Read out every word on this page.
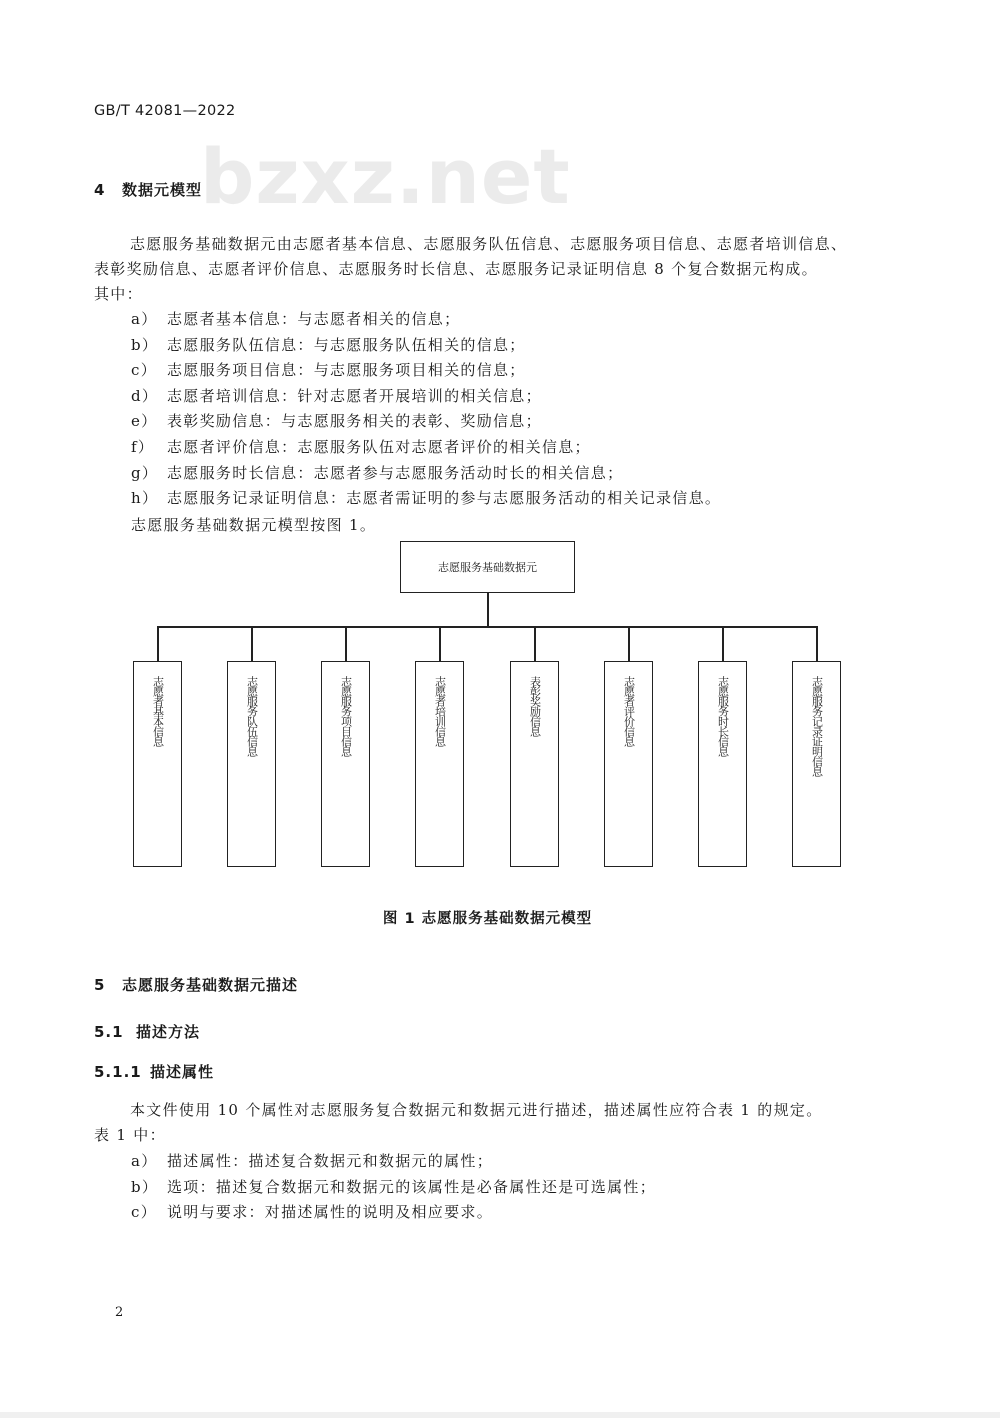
GB/T 42081—2022
bzxz.net
4 数据元模型
志愿服务基础数据元由志愿者基本信息、志愿服务队伍信息、志愿服务项目信息、志愿者培训信息、
表彰奖励信息、志愿者评价信息、志愿服务时长信息、志愿服务记录证明信息 8 个复合数据元构成。
其中：
a） 志愿者基本信息：与志愿者相关的信息；
b） 志愿服务队伍信息：与志愿服务队伍相关的信息；
c） 志愿服务项目信息：与志愿服务项目相关的信息；
d） 志愿者培训信息：针对志愿者开展培训的相关信息；
e） 表彰奖励信息：与志愿服务相关的表彰、奖励信息；
f） 志愿者评价信息：志愿服务队伍对志愿者评价的相关信息；
g） 志愿服务时长信息：志愿者参与志愿服务活动时长的相关信息；
h） 志愿服务记录证明信息：志愿者需证明的参与志愿服务活动的相关记录信息。
志愿服务基础数据元模型按图 1。
志愿服务基础数据元
志愿者基本信息	志愿服务队伍信息	志愿服务项目信息	志愿者培训信息	表彰奖励信息	志愿者评价信息	志愿服务时长信息	志愿服务记录证明信息
图 1 志愿服务基础数据元模型
5 志愿服务基础数据元描述
5.1 描述方法
5.1.1 描述属性
本文件使用 10 个属性对志愿服务复合数据元和数据元进行描述，描述属性应符合表 1 的规定。
表 1 中：
a） 描述属性：描述复合数据元和数据元的属性；
b） 选项：描述复合数据元和数据元的该属性是必备属性还是可选属性；
c） 说明与要求：对描述属性的说明及相应要求。
2
